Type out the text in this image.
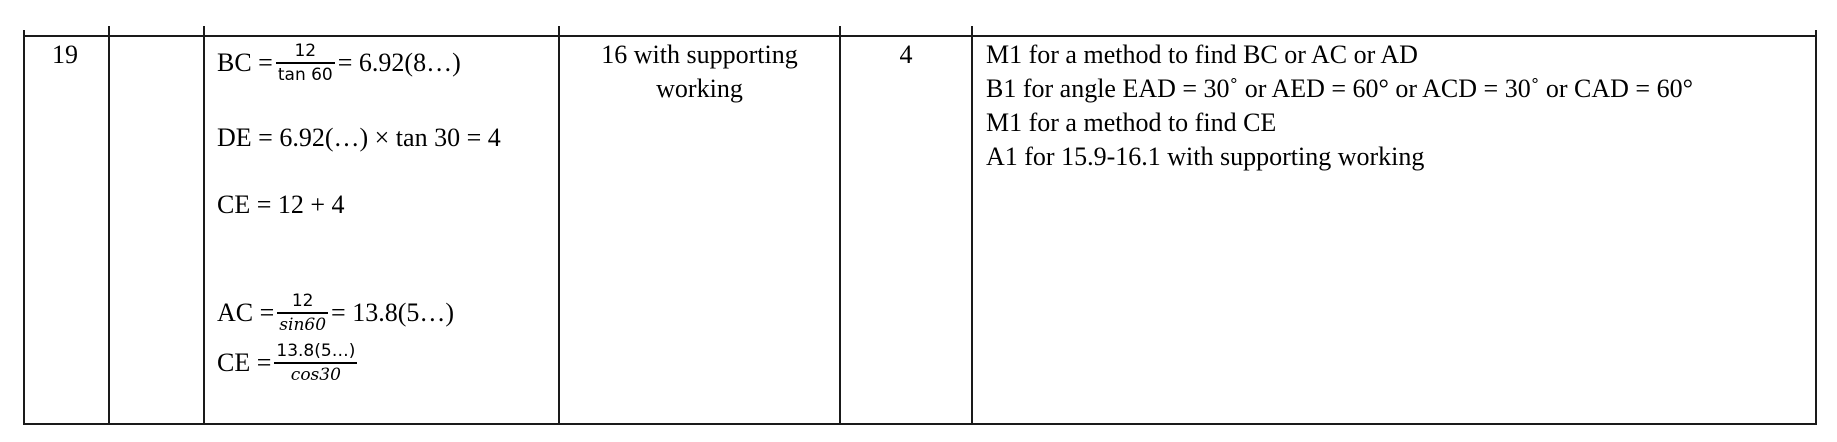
19	BC = $\frac{12}{\tan 60}$ = 6.92(8…)
DE = 6.92(…) × tan 30 = 4
CE = 12 + 4
AC = $\frac{12}{\sin 60}$ = 13.8(5…)
CE = $\frac{13.8(5\dots)}{\cos 30}$
16 with supporting
working
4	M1 for a method to find BC or AC or AD
B1 for angle EAD = 30˚ or AED = 60° or ACD = 30˚ or CAD = 60°
M1 for a method to find CE
A1 for 15.9-16.1 with supporting working
